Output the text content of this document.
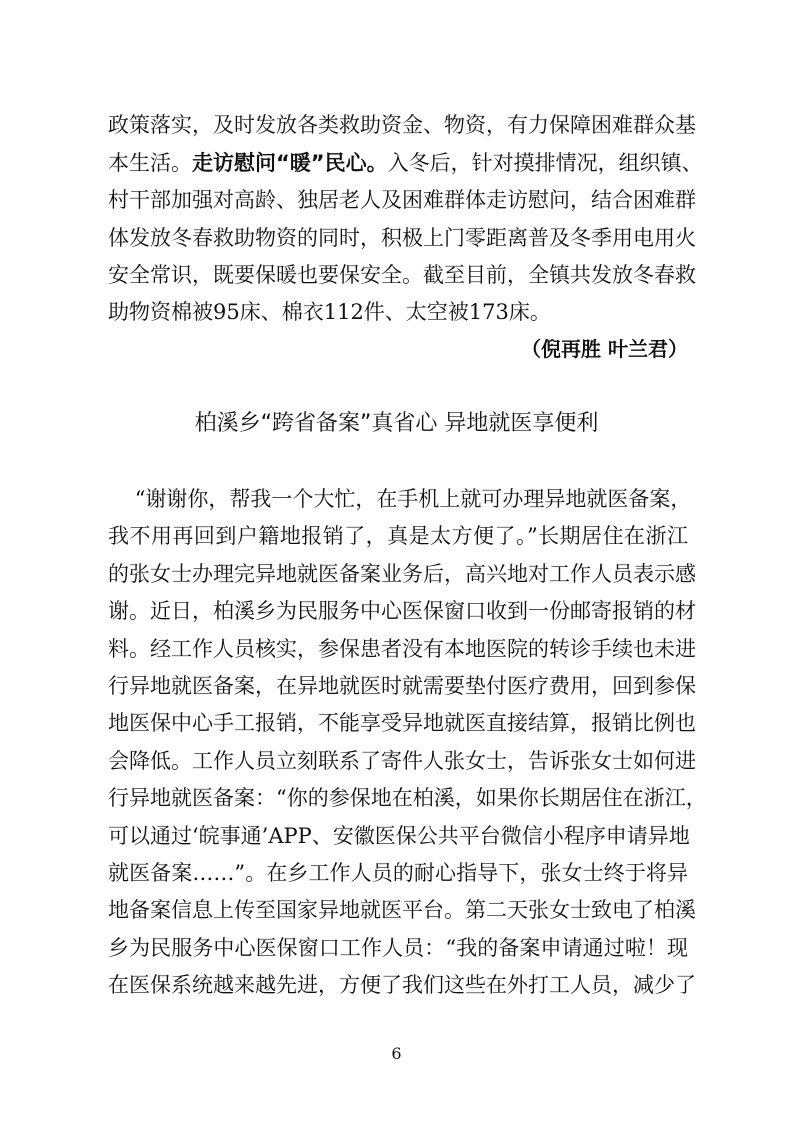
政策落实，及时发放各类救助资金、物资，有力保障困难群众基
本生活。走访慰问“暖”民心。入冬后，针对摸排情况，组织镇、
村干部加强对高龄、独居老人及困难群体走访慰问，结合困难群
体发放冬春救助物资的同时，积极上门零距离普及冬季用电用火
安全常识，既要保暖也要保安全。截至目前，全镇共发放冬春救
助物资棉被95床、棉衣112件、太空被173床。
（倪再胜 叶兰君）
柏溪乡“跨省备案”真省心 异地就医享便利
“谢谢你，帮我一个大忙，在手机上就可办理异地就医备案，
我不用再回到户籍地报销了，真是太方便了。”长期居住在浙江
的张女士办理完异地就医备案业务后，高兴地对工作人员表示感
谢。近日，柏溪乡为民服务中心医保窗口收到一份邮寄报销的材
料。经工作人员核实，参保患者没有本地医院的转诊手续也未进
行异地就医备案，在异地就医时就需要垫付医疗费用，回到参保
地医保中心手工报销，不能享受异地就医直接结算，报销比例也
会降低。工作人员立刻联系了寄件人张女士，告诉张女士如何进
行异地就医备案：“你的参保地在柏溪，如果你长期居住在浙江，
可以通过‘皖事通’APP、安徽医保公共平台微信小程序申请异地
就医备案……”。在乡工作人员的耐心指导下，张女士终于将异
地备案信息上传至国家异地就医平台。第二天张女士致电了柏溪
乡为民服务中心医保窗口工作人员：“我的备案申请通过啦！现
在医保系统越来越先进，方便了我们这些在外打工人员，减少了
6
